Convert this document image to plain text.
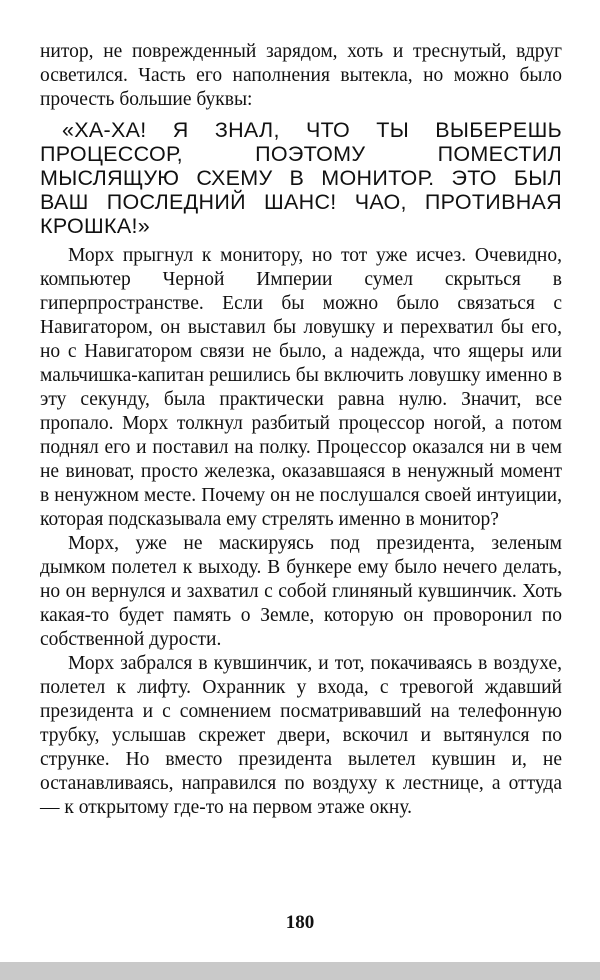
нитор, не поврежденный зарядом, хоть и треснутый, вдруг осветился. Часть его наполнения вытекла, но можно было прочесть большие буквы:

«ХА-ХА! Я ЗНАЛ, ЧТО ТЫ ВЫБЕРЕШЬ ПРОЦЕССОР, ПОЭТОМУ ПОМЕСТИЛ МЫСЛЯЩУЮ СХЕМУ В МОНИТОР. ЭТО БЫЛ ВАШ ПОСЛЕДНИЙ ШАНС! ЧАО, ПРОТИВНАЯ КРОШКА!»

Морх прыгнул к монитору, но тот уже исчез. Очевидно, компьютер Черной Империи сумел скрыться в гиперпространстве. Если бы можно было связаться с Навигатором, он выставил бы ловушку и перехватил бы его, но с Навигатором связи не было, а надежда, что ящеры или мальчишка-капитан решились бы включить ловушку именно в эту секунду, была практически равна нулю. Значит, все пропало. Морх толкнул разбитый процессор ногой, а потом поднял его и поставил на полку. Процессор оказался ни в чем не виноват, просто железка, оказавшаяся в ненужный момент в ненужном месте. Почему он не послушался своей интуиции, которая подсказывала ему стрелять именно в монитор?

Морх, уже не маскируясь под президента, зеленым дымком полетел к выходу. В бункере ему было нечего делать, но он вернулся и захватил с собой глиняный кувшинчик. Хоть какая-то будет память о Земле, которую он проворонил по собственной дурости.

Морх забрался в кувшинчик, и тот, покачиваясь в воздухе, полетел к лифту. Охранник у входа, с тревогой ждавший президента и с сомнением посматривавший на телефонную трубку, услышав скрежет двери, вскочил и вытянулся по струнке. Но вместо президента вылетел кувшин и, не останавливаясь, направился по воздуху к лестнице, а оттуда — к открытому где-то на первом этаже окну.

180
